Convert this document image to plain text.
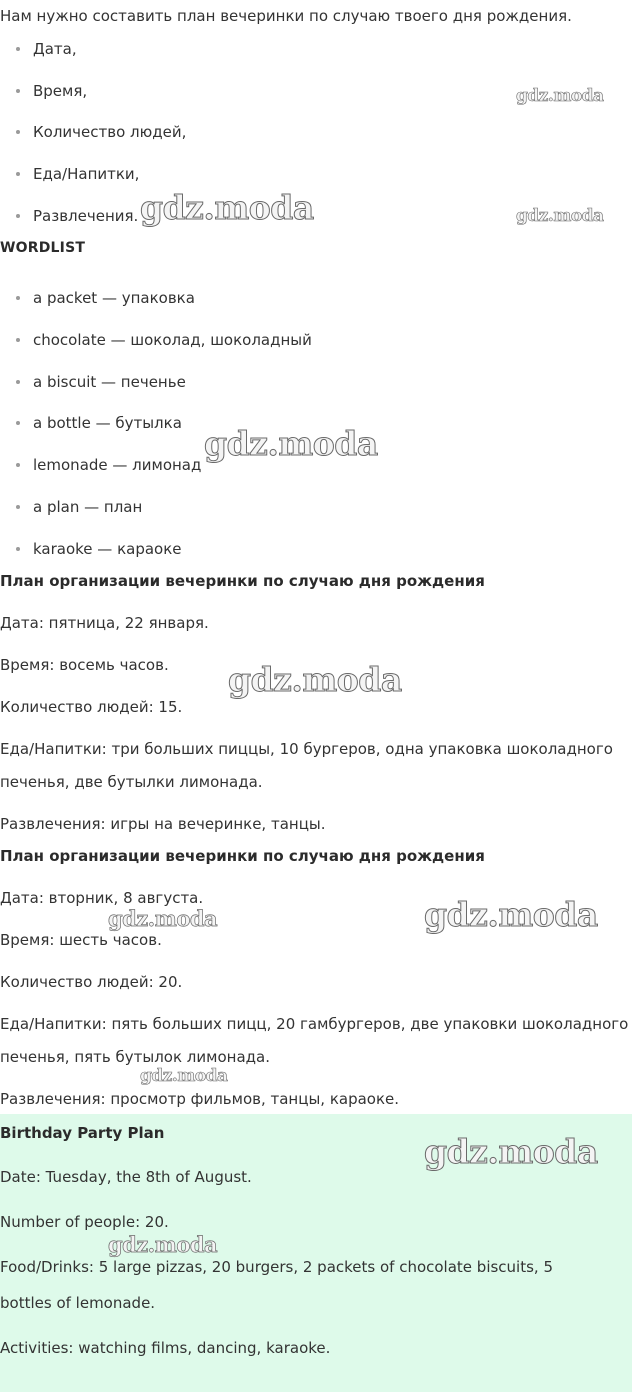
Нам нужно составить план вечеринки по случаю твоего дня рождения.
Дата,
Время,
Количество людей,
Еда/Напитки,
Развлечения.
WORDLIST
a packet — упаковка
chocolate — шоколад, шоколадный
a biscuit — печенье
a bottle — бутылка
lemonade — лимонад
a plan — план
karaoke — караоке
План организации вечеринки по случаю дня рождения
Дата: пятница, 22 января.
Время: восемь часов.
Количество людей: 15.
Еда/Напитки: три больших пиццы, 10 бургеров, одна упаковка шоколадного
печенья, две бутылки лимонада.
Развлечения: игры на вечеринке, танцы.
План организации вечеринки по случаю дня рождения
Дата: вторник, 8 августа.
Время: шесть часов.
Количество людей: 20.
Еда/Напитки: пять больших пицц, 20 гамбургеров, две упаковки шоколадного
печенья, пять бутылок лимонада.
Развлечения: просмотр фильмов, танцы, караоке.
Birthday Party Plan
Date: Tuesday, the 8th of August.
Number of people: 20.
Food/Drinks: 5 large pizzas, 20 burgers, 2 packets of chocolate biscuits, 5
bottles of lemonade.
Activities: watching films, dancing, karaoke.
gdz.moda
gdz.moda	gdz.moda
gdz.moda
gdz.moda
gdz.moda	gdz.moda
gdz.moda
gdz.moda
gdz.moda
